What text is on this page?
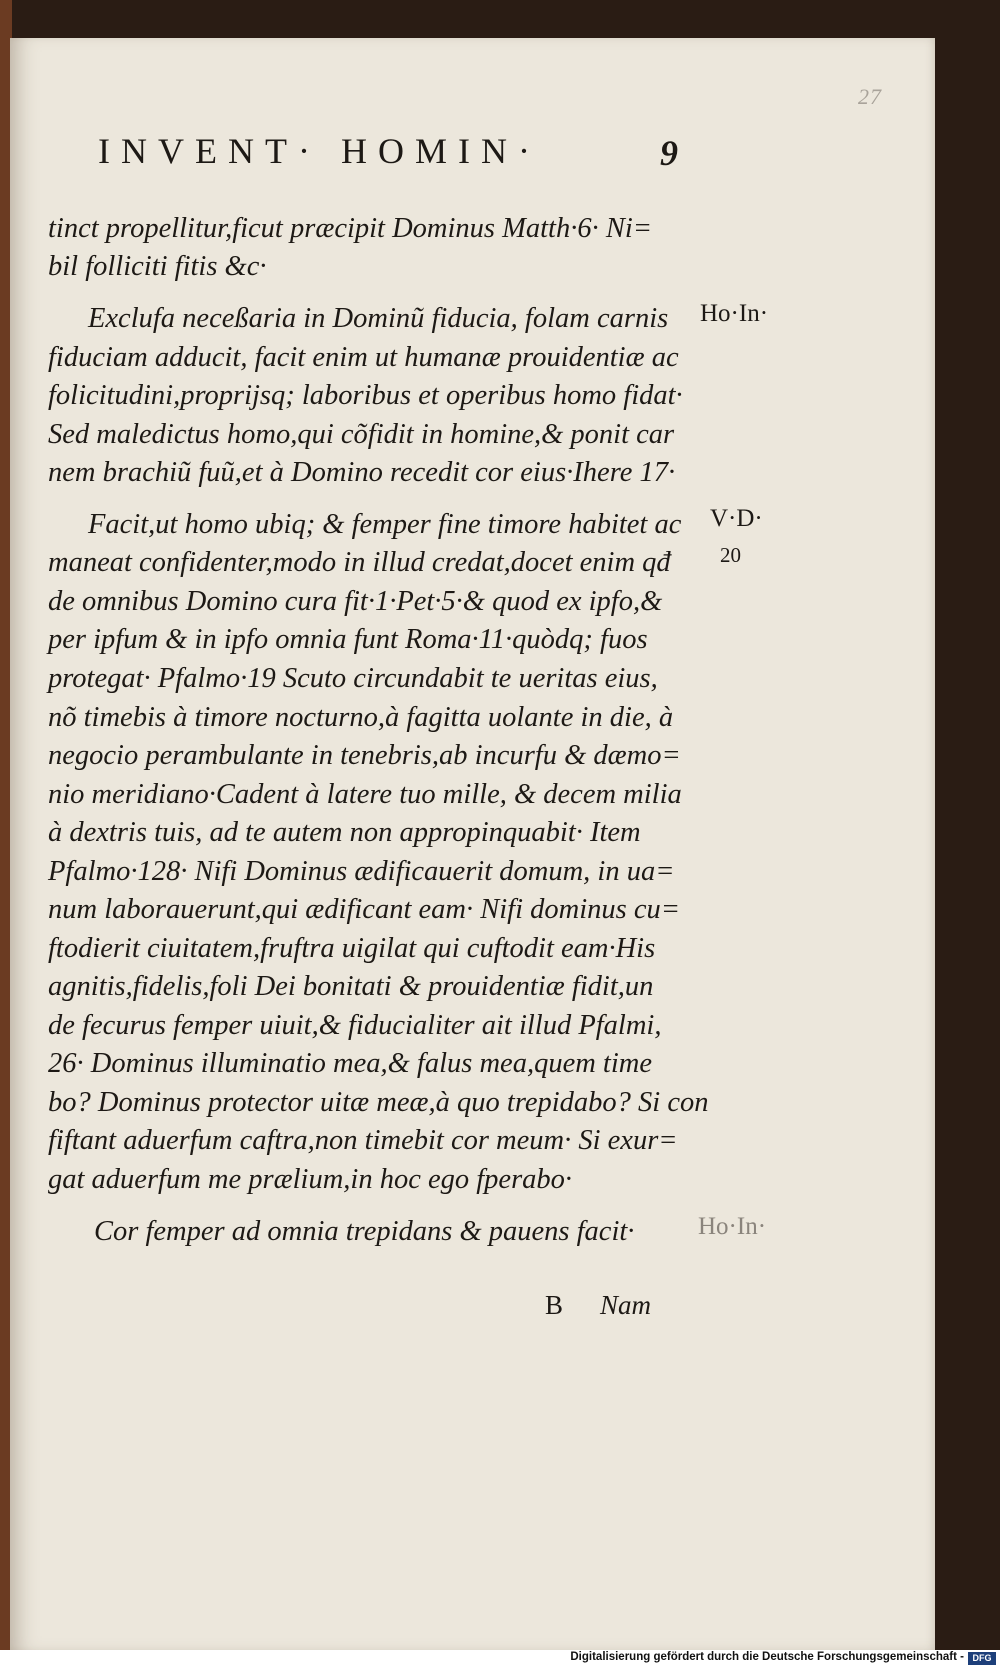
27
INVENT· HOMIN·	9
tinct propellitur,ficut præcipit Dominus Matth·6· Ni=
bil folliciti fitis &c·
Exclufa neceßaria in Dominũ fiducia, folam carnis
fiduciam adducit, facit enim ut humanæ prouidentiæ ac
folicitudini,proprijsq; laboribus et operibus homo fidat·
Sed maledictus homo,qui cõfidit in homine,& ponit car
nem brachiũ fuũ,et à Domino recedit cor eius·Ihere 17·
Facit,ut homo ubiq; & femper fine timore habitet ac
maneat confidenter,modo in illud credat,docet enim qđ
de omnibus Domino cura fit·1·Pet·5·& quod ex ipfo,&
per ipfum & in ipfo omnia funt Roma·11·quòdq; fuos
protegat· Pfalmo·19 Scuto circundabit te ueritas eius,
nõ timebis à timore nocturno,à fagitta uolante in die, à
negocio perambulante in tenebris,ab incurfu & dæmo=
nio meridiano·Cadent à latere tuo mille, & decem milia
à dextris tuis, ad te autem non appropinquabit· Item
Pfalmo·128· Nifi Dominus ædificauerit domum, in ua=
num laborauerunt,qui ædificant eam· Nifi dominus cu=
ftodierit ciuitatem,fruftra uigilat qui cuftodit eam·His
agnitis,fidelis,foli Dei bonitati & prouidentiæ fidit,un
de fecurus femper uiuit,& fiducialiter ait illud Pfalmi,
26· Dominus illuminatio mea,& falus mea,quem time
bo? Dominus protector uitæ meæ,à quo trepidabo? Si con
fiftant aduerfum caftra,non timebit cor meum· Si exur=
gat aduerfum me prælium,in hoc ego fperabo·
Cor femper ad omnia trepidans & pauens facit·
Ho·In·
V·D·
20
Ho·In·
B Nam
Digitalisierung gefördert durch die Deutsche Forschungsgemeinschaft - DFG
